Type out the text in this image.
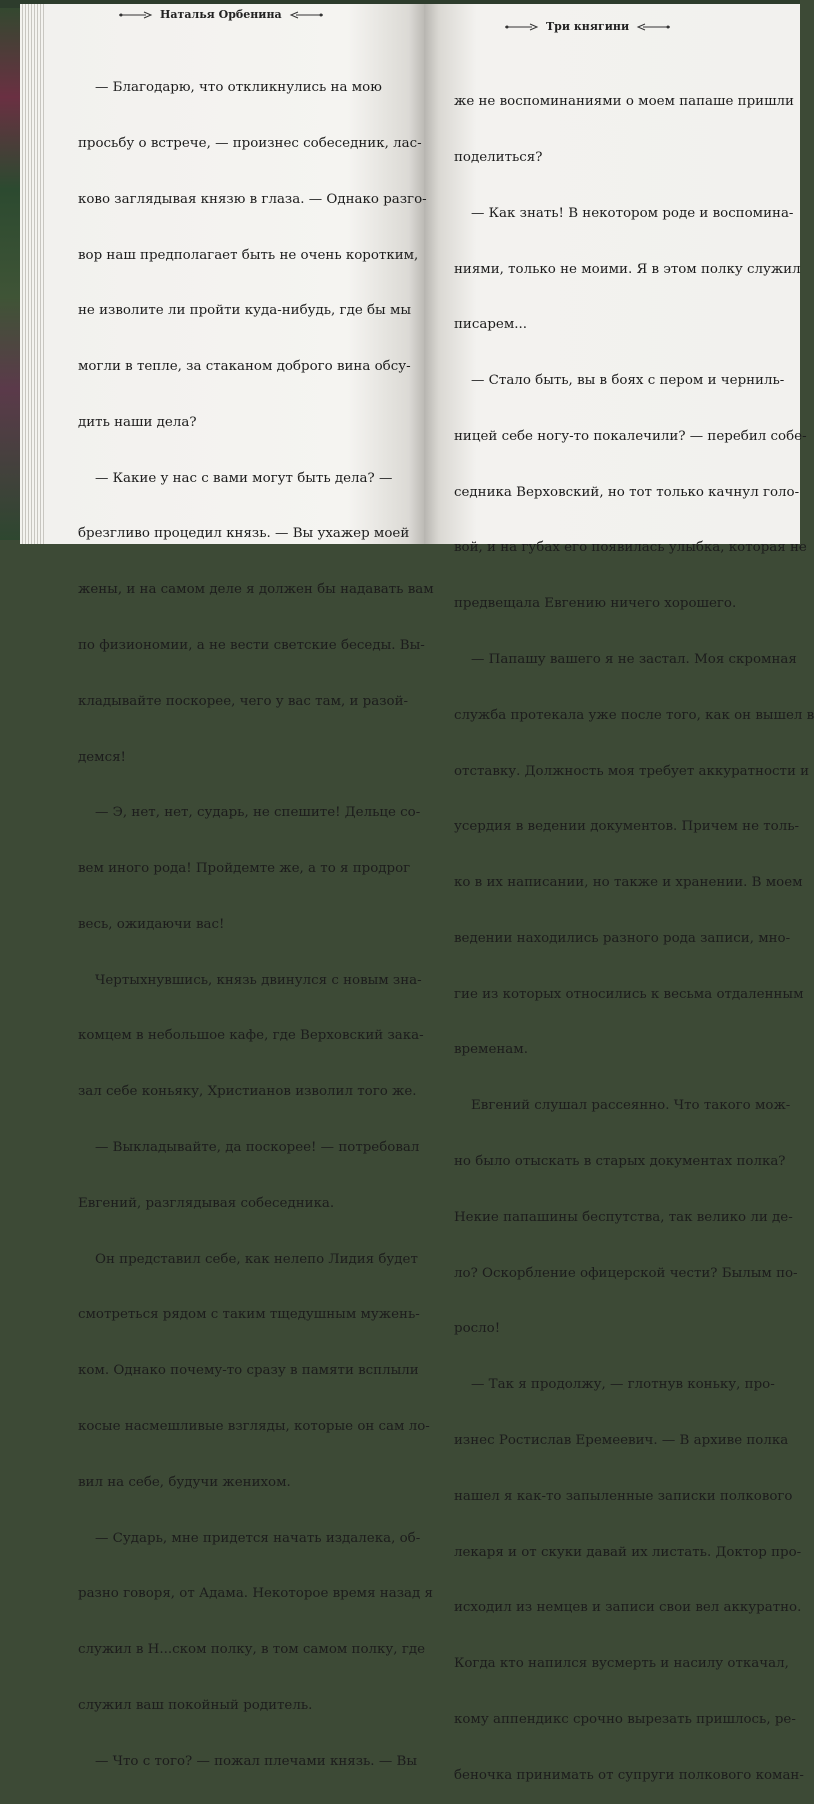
Наталья Орбенина
Три княгини

— Благодарю, что откликнулись на мою

просьбу о встрече, — произнес собеседник, лас-

ково заглядывая князю в глаза. — Однако разго-

вор наш предполагает быть не очень коротким,

не изволите ли пройти куда-нибудь, где бы мы

могли в тепле, за стаканом доброго вина обсу-

дить наши дела?

— Какие у нас с вами могут быть дела? —

брезгливо процедил князь. — Вы ухажер моей

жены, и на самом деле я должен бы надавать вам

по физиономии, а не вести светские беседы. Вы-

кладывайте поскорее, чего у вас там, и разой-

демся!

— Э, нет, нет, сударь, не спешите! Дельце со-

вем иного рода! Пройдемте же, а то я продрог

весь, ожидаючи вас!

Чертыхнувшись, князь двинулся с новым зна-

комцем в небольшое кафе, где Верховский зака-

зал себе коньяку, Христианов изволил того же.

— Выкладывайте, да поскорее! — потребовал

Евгений, разглядывая собеседника.

Он представил себе, как нелепо Лидия будет

смотреться рядом с таким тщедушным мужень-

ком. Однако почему-то сразу в памяти всплыли

косые насмешливые взгляды, которые он сам ло-

вил на себе, будучи женихом.

— Сударь, мне придется начать издалека, об-

разно говоря, от Адама. Некоторое время назад я

служил в Н...ском полку, в том самом полку, где

служил ваш покойный родитель.

— Что с того? — пожал плечами князь. — Вы

же не воспоминаниями о моем папаше пришли

поделиться?

— Как знать! В некотором роде и воспомина-

ниями, только не моими. Я в этом полку служил

писарем...

— Стало быть, вы в боях с пером и черниль-

ницей себе ногу-то покалечили? — перебил собе-

седника Верховский, но тот только качнул голо-

вой, и на губах его появилась улыбка, которая не

предвещала Евгению ничего хорошего.

— Папашу вашего я не застал. Моя скромная

служба протекала уже после того, как он вышел в

отставку. Должность моя требует аккуратности и

усердия в ведении документов. Причем не толь-

ко в их написании, но также и хранении. В моем

ведении находились разного рода записи, мно-

гие из которых относились к весьма отдаленным

временам.

Евгений слушал рассеянно. Что такого мож-

но было отыскать в старых документах полка?

Некие папашины беспутства, так велико ли де-

ло? Оскорбление офицерской чести? Былым по-

росло!

— Так я продолжу, — глотнув коньку, про-

изнес Ростислав Еремеевич. — В архиве полка

нашел я как-то запыленные записки полкового

лекаря и от скуки давай их листать. Доктор про-

исходил из немцев и записи свои вел аккуратно.

Когда кто напился вусмерть и насилу откачал,

кому аппендикс срочно вырезать пришлось, ре-

беночка принимать от супруги полкового коман-
